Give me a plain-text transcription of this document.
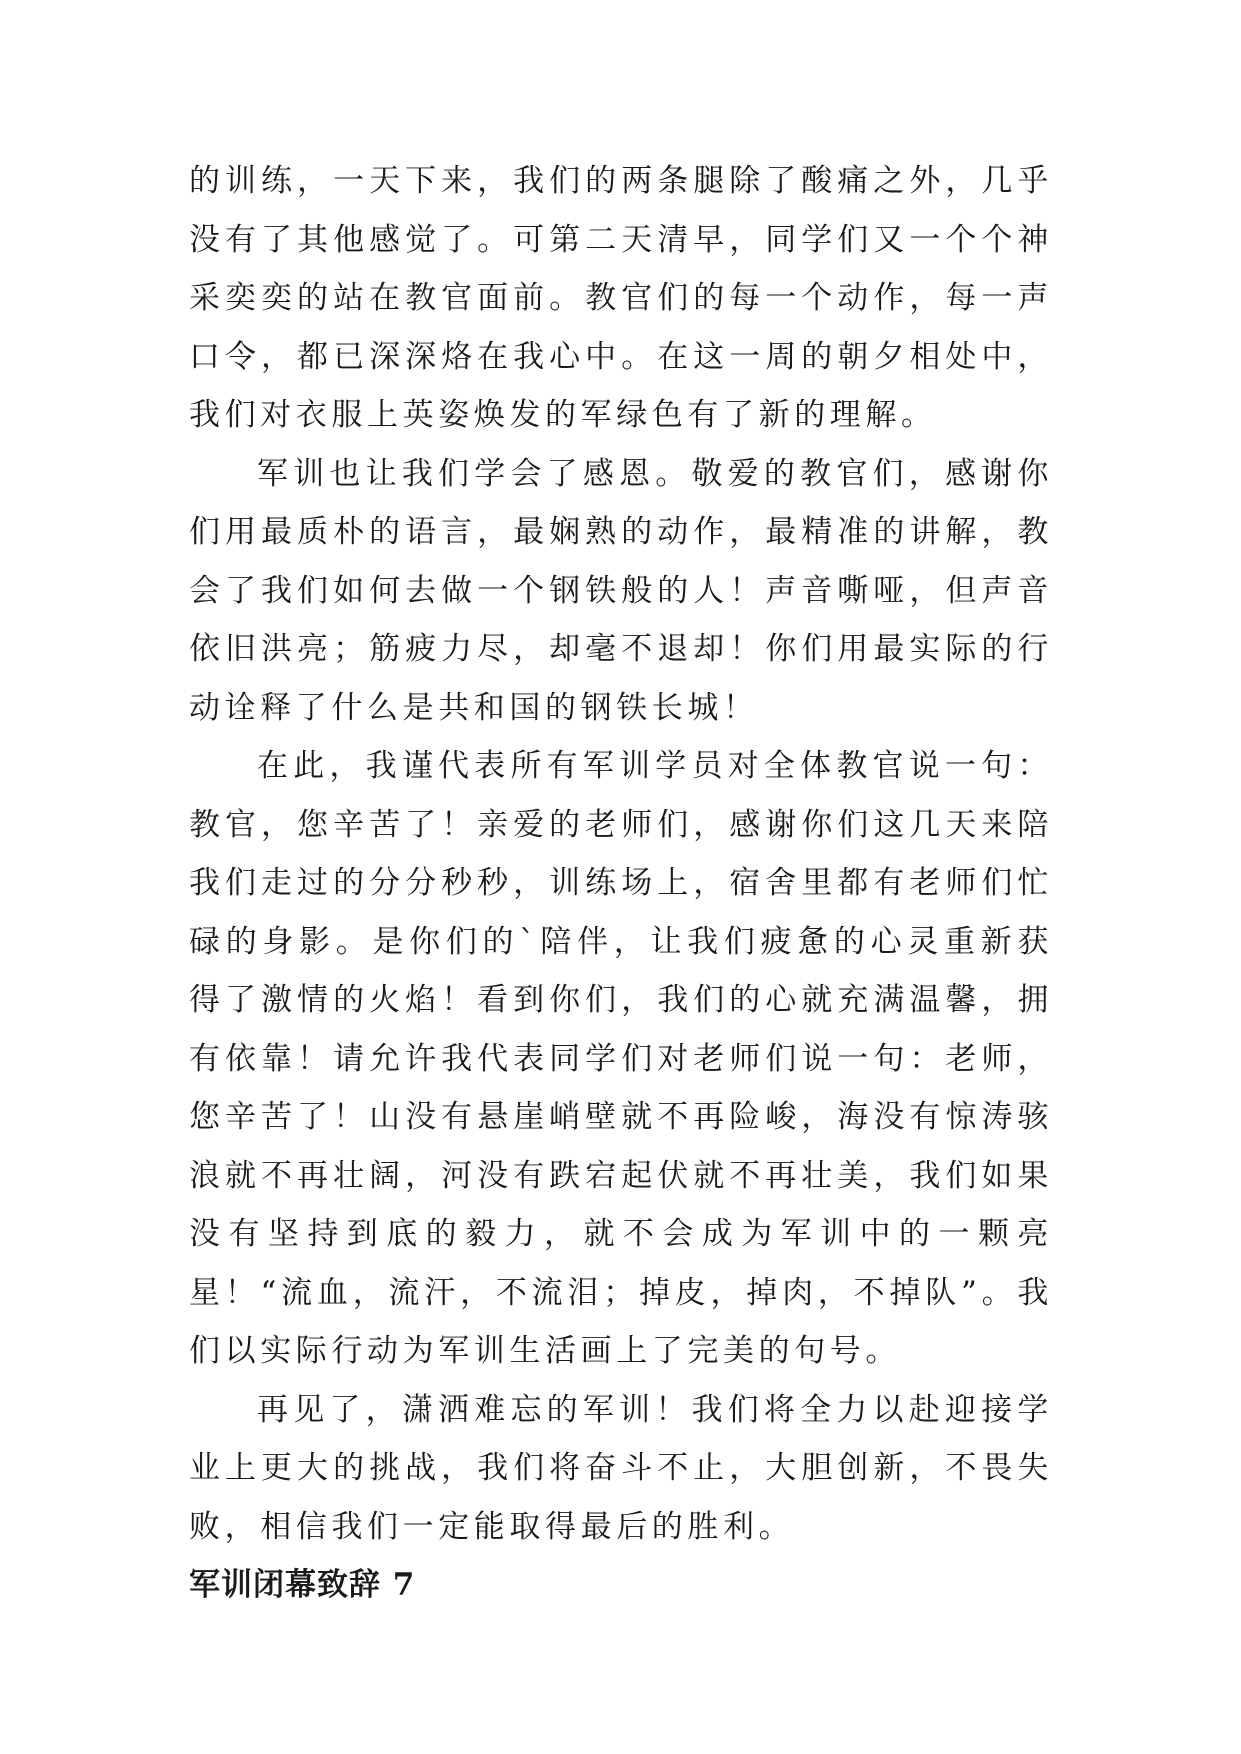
的训练，一天下来，我们的两条腿除了酸痛之外，几乎没有了其他感觉了。可第二天清早，同学们又一个个神采奕奕的站在教官面前。教官们的每一个动作，每一声口令，都已深深烙在我心中。在这一周的朝夕相处中，我们对衣服上英姿焕发的军绿色有了新的理解。

军训也让我们学会了感恩。敬爱的教官们，感谢你们用最质朴的语言，最娴熟的动作，最精准的讲解，教会了我们如何去做一个钢铁般的人！声音嘶哑，但声音依旧洪亮；筋疲力尽，却毫不退却！你们用最实际的行动诠释了什么是共和国的钢铁长城！

在此，我谨代表所有军训学员对全体教官说一句：教官，您辛苦了！亲爱的老师们，感谢你们这几天来陪我们走过的分分秒秒，训练场上，宿舍里都有老师们忙碌的身影。是你们的`陪伴，让我们疲惫的心灵重新获得了激情的火焰！看到你们，我们的心就充满温馨，拥有依靠！请允许我代表同学们对老师们说一句：老师，您辛苦了！山没有悬崖峭壁就不再险峻，海没有惊涛骇浪就不再壮阔，河没有跌宕起伏就不再壮美，我们如果没有坚持到底的毅力，就不会成为军训中的一颗亮星！“流血，流汗，不流泪；掉皮，掉肉，不掉队”。我们以实际行动为军训生活画上了完美的句号。

再见了，潇洒难忘的军训！我们将全力以赴迎接学业上更大的挑战，我们将奋斗不止，大胆创新，不畏失败，相信我们一定能取得最后的胜利。

军训闭幕致辞 7
